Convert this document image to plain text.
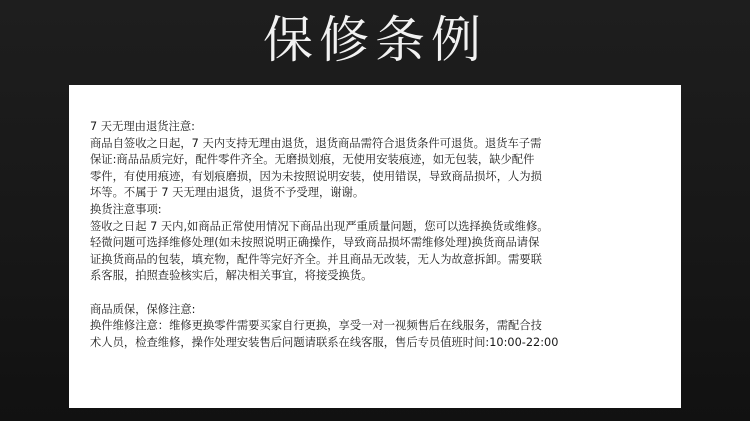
保修条例

7 天无理由退货注意:

商品自签收之日起，7 天内支持无理由退货，退货商品需符合退货条件可退货。退货车子需

保证:商品品质完好，配件零件齐全。无磨损划痕，无使用安装痕迹，如无包装，缺少配件

零件，有使用痕迹，有划痕磨损，因为未按照说明安装，使用错误，导致商品损坏，人为损

坏等。不属于 7 天无理由退货，退货不予受理，谢谢。

换货注意事项:

签收之日起 7 天内,如商品正常使用情况下商品出现严重质量问题，您可以选择换货或维修。

轻微问题可选择维修处理(如未按照说明正确操作，导致商品损坏需维修处理)换货商品请保

证换货商品的包装，填充物，配件等完好齐全。并且商品无改装，无人为故意拆卸。需要联

系客服，拍照查验核实后，解决相关事宜，将接受换货。

商品质保，保修注意:

换件维修注意：维修更换零件需要买家自行更换，享受一对一视频售后在线服务，需配合技

术人员，检查维修，操作处理安装售后问题请联系在线客服，售后专员值班时间:10:00-22:00
